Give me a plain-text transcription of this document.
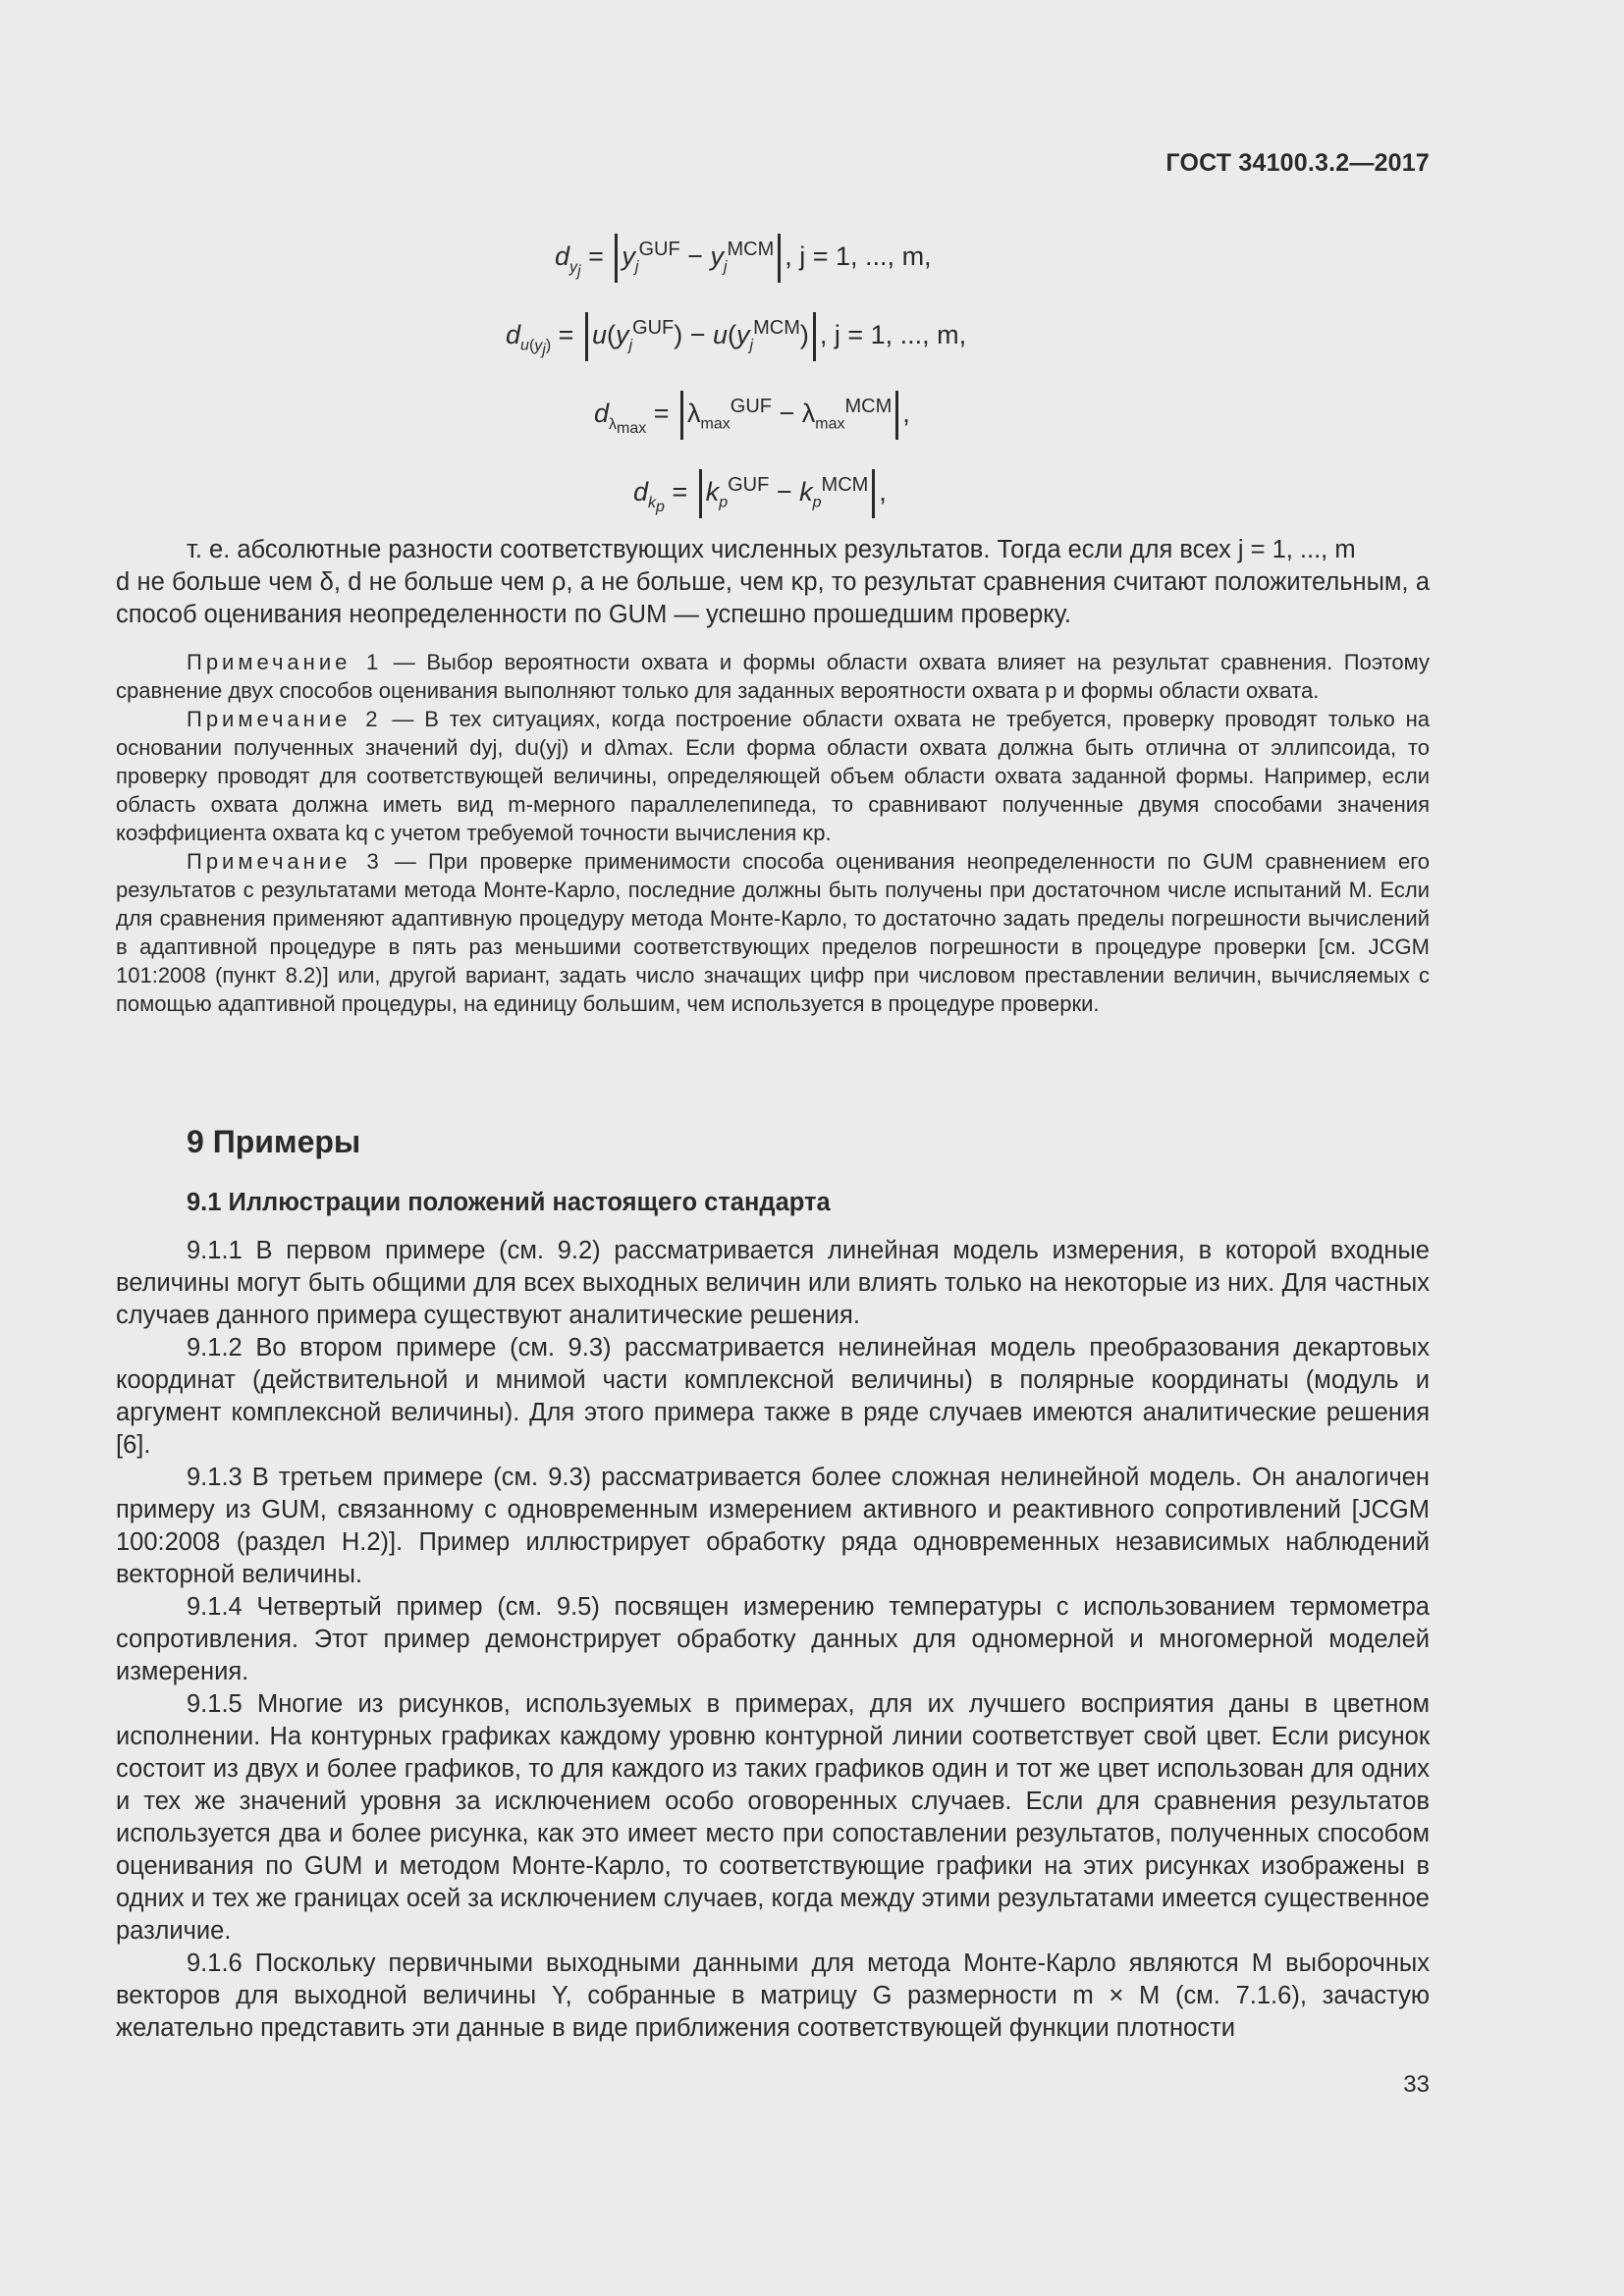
ГОСТ 34100.3.2—2017
$d_{y_j} = y_j^{GUF} - y_j^{MCM}$ , j = 1, ..., m,
$d_{u(y_j)} = u(y_j^{GUF}) - u(y_j^{MCM})$ , j = 1, ..., m,
$d_{\lambda_{max}} = \lambda_{max}^{GUF} - \lambda_{max}^{MCM}$ ,
$d_{k_p} = k_p^{GUF} - k_p^{MCM}$ ,

т. е. абсолютные разности соответствующих численных результатов. Тогда если для всех j = 1, ..., m

d не больше чем δ, d не больше чем ρ, а не больше, чем κp, то результат сравнения считают положительным, а способ оценивания неопределенности по GUM — успешно прошедшим проверку.

Примечание 1 — Выбор вероятности охвата и формы области охвата влияет на результат сравнения. Поэтому сравнение двух способов оценивания выполняют только для заданных вероятности охвата p и формы области охвата.

Примечание 2 — В тех ситуациях, когда построение области охвата не требуется, проверку проводят только на основании полученных значений dyj, du(yj) и dλmax. Если форма области охвата должна быть отлична от эллипсоида, то проверку проводят для соответствующей величины, определяющей объем области охвата заданной формы. Например, если область охвата должна иметь вид m-мерного параллелепипеда, то сравнивают полученные двумя способами значения коэффициента охвата kq с учетом требуемой точности вычисления κp.

Примечание 3 — При проверке применимости способа оценивания неопределенности по GUM сравнением его результатов с результатами метода Монте-Карло, последние должны быть получены при достаточном числе испытаний M. Если для сравнения применяют адаптивную процедуру метода Монте-Карло, то достаточно задать пределы погрешности вычислений в адаптивной процедуре в пять раз меньшими соответствующих пределов погрешности в процедуре проверки [см. JCGM 101:2008 (пункт 8.2)] или, другой вариант, задать число значащих цифр при числовом преставлении величин, вычисляемых с помощью адаптивной процедуры, на единицу большим, чем используется в процедуре проверки.

9 Примеры
9.1 Иллюстрации положений настоящего стандарта

9.1.1 В первом примере (см. 9.2) рассматривается линейная модель измерения, в которой входные величины могут быть общими для всех выходных величин или влиять только на некоторые из них. Для частных случаев данного примера существуют аналитические решения.

9.1.2 Во втором примере (см. 9.3) рассматривается нелинейная модель преобразования декартовых координат (действительной и мнимой части комплексной величины) в полярные координаты (модуль и аргумент комплексной величины). Для этого примера также в ряде случаев имеются аналитические решения [6].

9.1.3 В третьем примере (см. 9.3) рассматривается более сложная нелинейной модель. Он аналогичен примеру из GUM, связанному с одновременным измерением активного и реактивного сопротивлений [JCGM 100:2008 (раздел Н.2)]. Пример иллюстрирует обработку ряда одновременных независимых наблюдений векторной величины.

9.1.4 Четвертый пример (см. 9.5) посвящен измерению температуры с использованием термометра сопротивления. Этот пример демонстрирует обработку данных для одномерной и многомерной моделей измерения.

9.1.5 Многие из рисунков, используемых в примерах, для их лучшего восприятия даны в цветном исполнении. На контурных графиках каждому уровню контурной линии соответствует свой цвет. Если рисунок состоит из двух и более графиков, то для каждого из таких графиков один и тот же цвет использован для одних и тех же значений уровня за исключением особо оговоренных случаев. Если для сравнения результатов используется два и более рисунка, как это имеет место при сопоставлении результатов, полученных способом оценивания по GUM и методом Монте-Карло, то соответствующие графики на этих рисунках изображены в одних и тех же границах осей за исключением случаев, когда между этими результатами имеется существенное различие.

9.1.6 Поскольку первичными выходными данными для метода Монте-Карло являются M выборочных векторов для выходной величины Y, собранные в матрицу G размерности m × M (см. 7.1.6), зачастую желательно представить эти данные в виде приближения соответствующей функции плотности

33
